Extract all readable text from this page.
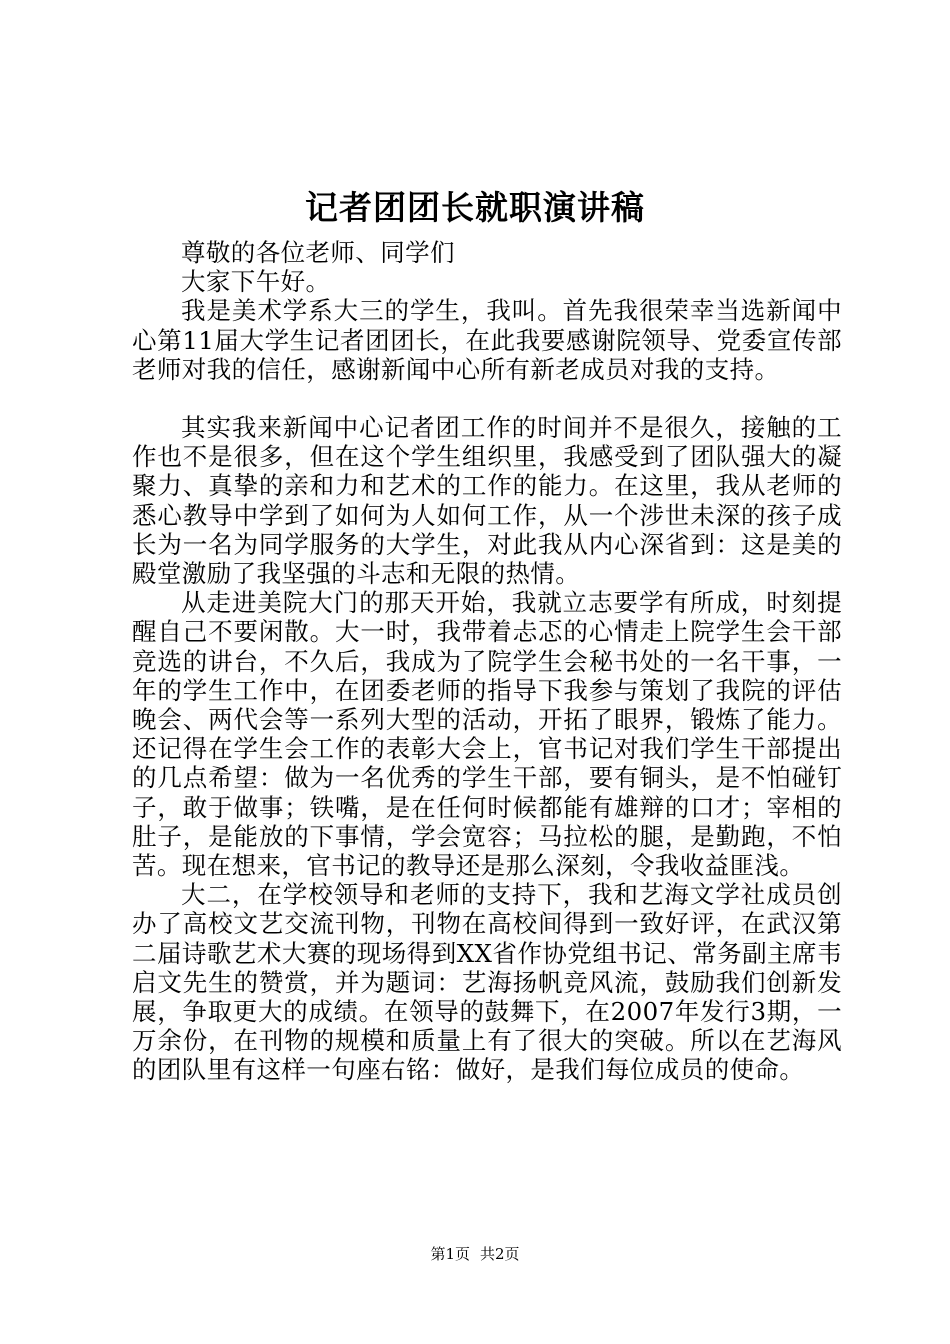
记者团团长就职演讲稿

尊敬的各位老师、同学们

大家下午好。

我是美术学系大三的学生，我叫。首先我很荣幸当选新闻中心第11届大学生记者团团长，在此我要感谢院领导、党委宣传部老师对我的信任，感谢新闻中心所有新老成员对我的支持。

其实我来新闻中心记者团工作的时间并不是很久，接触的工作也不是很多，但在这个学生组织里，我感受到了团队强大的凝聚力、真挚的亲和力和艺术的工作的能力。在这里，我从老师的悉心教导中学到了如何为人如何工作，从一个涉世未深的孩子成长为一名为同学服务的大学生，对此我从内心深省到：这是美的殿堂激励了我坚强的斗志和无限的热情。

从走进美院大门的那天开始，我就立志要学有所成，时刻提醒自己不要闲散。大一时，我带着忐忑的心情走上院学生会干部竞选的讲台，不久后，我成为了院学生会秘书处的一名干事，一年的学生工作中，在团委老师的指导下我参与策划了我院的评估晚会、两代会等一系列大型的活动，开拓了眼界，锻炼了能力。还记得在学生会工作的表彰大会上，官书记对我们学生干部提出的几点希望：做为一名优秀的学生干部，要有铜头，是不怕碰钉子，敢于做事；铁嘴，是在任何时候都能有雄辩的口才；宰相的肚子，是能放的下事情，学会宽容；马拉松的腿，是勤跑，不怕苦。现在想来，官书记的教导还是那么深刻，令我收益匪浅。

大二，在学校领导和老师的支持下，我和艺海文学社成员创办了高校文艺交流刊物，刊物在高校间得到一致好评，在武汉第二届诗歌艺术大赛的现场得到XX省作协党组书记、常务副主席韦启文先生的赞赏，并为题词：艺海扬帆竞风流，鼓励我们创新发展，争取更大的成绩。在领导的鼓舞下，在2007年发行3期，一万余份，在刊物的规模和质量上有了很大的突破。所以在艺海风的团队里有这样一句座右铭：做好，是我们每位成员的使命。

第1页 共2页
